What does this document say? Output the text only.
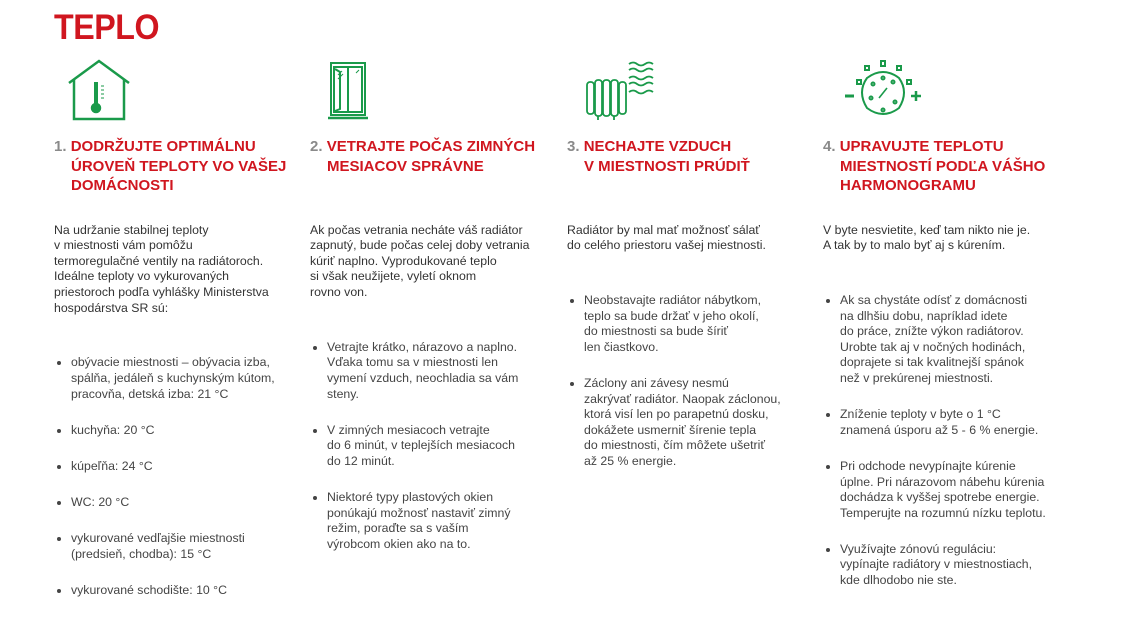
TEPLO
1. DODRŽUJTE OPTIMÁLNU
ÚROVEŇ TEPLOTY VO VAŠEJ
DOMÁCNOSTI

Na udržanie stabilnej teploty
v miestnosti vám pomôžu
termoregulačné ventily na radiátoroch.
Ideálne teploty vo vykurovaných
priestoroch podľa vyhlášky Ministerstva
hospodárstva SR sú:

obývacie miestnosti – obývacia izba,
spálňa, jedáleň s kuchynským kútom,
pracovňa, detská izba: 21 °C

kuchyňa: 20 °C

kúpeľňa: 24 °C

WC: 20 °C

vykurované vedľajšie miestnosti
(predsieň, chodba): 15 °C

vykurované schodište: 10 °C

2. VETRAJTE POČAS ZIMNÝCH
MESIACOV SPRÁVNE

Ak počas vetrania necháte váš radiátor
zapnutý, bude počas celej doby vetrania
kúriť naplno. Vyprodukované teplo
si však neužijete, vyletí oknom
rovno von.

Vetrajte krátko, nárazovo a naplno.
Vďaka tomu sa v miestnosti len
vymení vzduch, neochladia sa vám
steny.

V zimných mesiacoch vetrajte
do 6 minút, v teplejších mesiacoch
do 12 minút.

Niektoré typy plastových okien
ponúkajú možnosť nastaviť zimný
režim, poraďte sa s vaším
výrobcom okien ako na to.

3. NECHAJTE VZDUCH
V MIESTNOSTI PRÚDIŤ

Radiátor by mal mať možnosť sálať
do celého priestoru vašej miestnosti.

Neobstavajte radiátor nábytkom,
teplo sa bude držať v jeho okolí,
do miestnosti sa bude šíriť
len čiastkovo.

Záclony ani závesy nesmú
zakrývať radiátor. Naopak záclonou,
ktorá visí len po parapetnú dosku,
dokážete usmerniť šírenie tepla
do miestnosti, čím môžete ušetriť
až 25 % energie.

4. UPRAVUJTE TEPLOTU
MIESTNOSTÍ PODĽA VÁŠHO
HARMONOGRAMU

V byte nesvietite, keď tam nikto nie je.
A tak by to malo byť aj s kúrením.

Ak sa chystáte odísť z domácnosti
na dlhšiu dobu, napríklad idete
do práce, znížte výkon radiátorov.
Urobte tak aj v nočných hodinách,
doprajete si tak kvalitnejší spánok
než v prekúrenej miestnosti.

Zníženie teploty v byte o 1 °C
znamená úsporu až 5 - 6 % energie.

Pri odchode nevypínajte kúrenie
úplne. Pri nárazovom nábehu kúrenia
dochádza k vyššej spotrebe energie.
Temperujte na rozumnú nízku teplotu.

Využívajte zónovú reguláciu:
vypínajte radiátory v miestnostiach,
kde dlhodobo nie ste.
